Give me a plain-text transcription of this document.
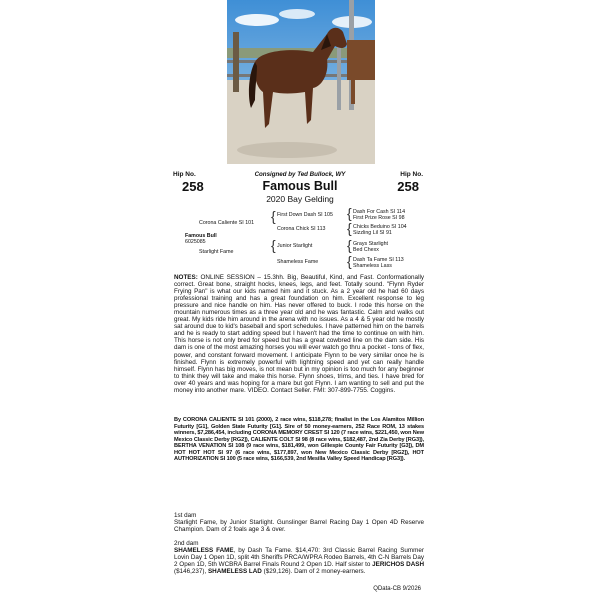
Consigned by Ted Bullock, WY
Hip No.	Hip No.
258	258
Famous Bull
2020 Bay Gelding
Corona Caliente SI 101
Famous Bull
6025085
Starlight Fame
{ First Down Dash SI 105
Corona Chick SI 113
{ Junior Starlight
Shameless Fame
{ Dash For Cash SI 114
First Prize Rose SI 98
{ Chicks Beduino SI 104
Sizzling Lil SI 91
{ Grays Starlight
Bed Chexx
{ Dash Ta Fame SI 113
Shameless Lass
NOTES: ONLINE SESSION – 15.3hh. Big, Beautiful, Kind, and Fast. Conformationally correct. Great bone, straight hocks, knees, legs, and feet. Totally sound. "Flynn Ryder Frying Pan" is what our kids named him and it stuck. As a 2 year old he had 60 days professional training and has a great foundation on him. Excellent response to leg pressure and nice handle on him. Has never offered to buck. I rode this horse on the mountain numerous times as a three year old and he was fantastic. Calm and walks out great. My kids ride him around in the arena with no issues. As a 4 & 5 year old he mostly sat around due to kid's baseball and sport schedules. I have patterned him on the barrels and he is ready to start adding speed but I haven't had the time to continue on with him. This horse is not only bred for speed but has a great cowbred line on the dam side. His dam is one of the most amazing horses you will ever watch go thru a pocket - tons of flex, power, and constant forward movement. I anticipate Flynn to be very similar once he is finished. Flynn is extremely powerful with lightning speed and yet can really handle himself. Flynn has big moves, is not mean but in my opinion is too much for any beginner to think they will take and make this horse. Flynn shoes, trims, and ties. I have bred for over 40 years and was hoping for a mare but got Flynn. I am wanting to sell and put the money into another mare. VIDEO. Contact Seller. FMI: 307-899-7755. Coggins.
By CORONA CALIENTE SI 101 (2000), 2 race wins, $118,278; finalist in the Los Alamitos Million Futurity [G1], Golden State Futurity [G1]. Sire of 50 money-earners, 252 Race ROM, 13 stakes winners, $7,286,454, including CORONA MEMORY CREST SI 120 (7 race wins, $221,450, won New Mexico Classic Derby [RG2]), CALIENTE COLT SI 98 (8 race wins, $182,487, 2nd Zia Derby [RG3]), BERTHA VENATION SI 108 (9 race wins, $181,499, won Gillespie County Fair Futurity [G3]), DM HOT HOT HOT SI 97 (6 race wins, $177,897, won New Mexico Classic Derby [RG2]), HOT AUTHORIZATION SI 100 (5 race wins, $166,539, 2nd Mesilla Valley Speed Handicap [RG3]).
1st dam
Starlight Fame, by Junior Starlight. Gunslinger Barrel Racing Day 1 Open 4D Reserve Champion. Dam of 2 foals age 3 & over.
2nd dam
SHAMELESS FAME, by Dash Ta Fame. $14,470: 3rd Classic Barrel Racing Summer Lovin Day 1 Open 1D, split 4th Sheriffs PRCA/WPRA Rodeo Barrels, 4th C-N Barrels Day 2 Open 1D, 5th WCBRA Barrel Finals Round 2 Open 1D. Half sister to JERICHOS DASH ($146,237), SHAMELESS LAD ($29,126). Dam of 2 money-earners.
QData-CB 9/2026
